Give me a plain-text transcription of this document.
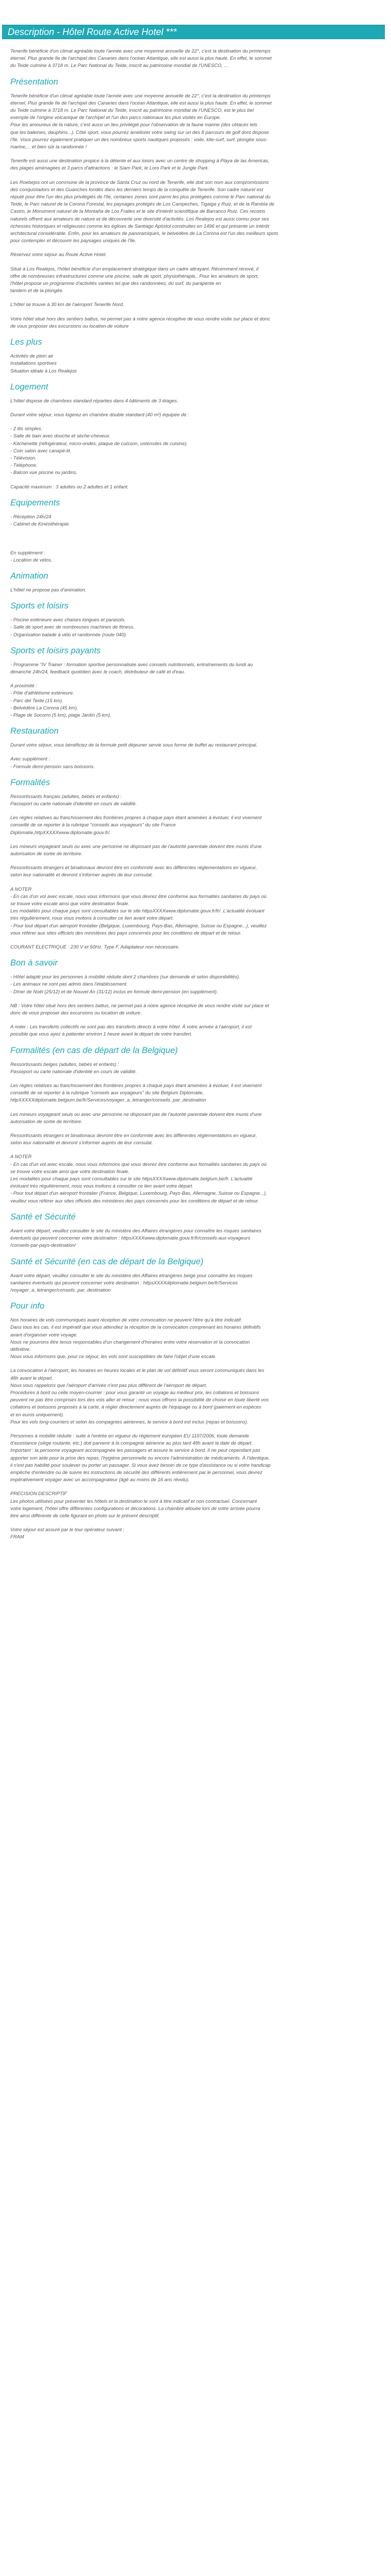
Description - Hôtel Route Active Hotel ***
Tenerife bénéficie d'un climat agréable toute l'année avec une moyenne annuelle de 22°, c'est la destination du printemps
éternel. Plus grande île de l'archipel des Canaries dans l'océan Atlantique, elle est aussi la plus haute. En effet, le sommet
du Teide culmine à 3718 m. Le Parc National du Teide, inscrit au patrimoine mondial de l'UNESCO, ...
Présentation
Tenerife bénéficie d'un climat agréable toute l'année avec une moyenne annuelle de 22°, c'est la destination du printemps
éternel. Plus grande île de l'archipel des Canaries dans l'océan Atlantique, elle est aussi la plus haute. En effet, le sommet
du Teide culmine à 3718 m. Le Parc National du Teide, inscrit au patrimoine mondial de l'UNESCO, est le plus bel
exemple de l'origine volcanique de l'archipel et l'un des parcs nationaux les plus visités en Europe.
Pour les amoureux de la nature, c'est aussi un lieu privilégié pour l'observation de la faune marine (des cétacés tels
que les baleines, dauphins...). Côté sport, vous pourrez améliorer votre swing sur un des 8 parcours de golf dont dispose
l'île. Vous pourrez également pratiquer un des nombreux sports nautiques proposés : voile, kite-surf, surf, plongée sous-
marine,... et bien sûr la randonnée !
Tenerife est aussi une destination propice à la détente et aux loisirs avec un centre de shopping à Playa de las Americas,
des plages aménagées et 3 parcs d'attractions : le Siam Park, le Loro Park et le Jungle Park.
Les Roebejos ont un commune de la province de Santa Cruz ou nord de Tenerife, elle doit son nom aux compromissions
des conquistadors et des Guanches fondés dans les derniers temps de la conquête de Tenerife. Son cadre naturel est
réputé pour être l'un des plus privilégiés de l'île, certaines zones sont parmi les plus protégées comme le Parc national du
Teide, le Parc naturel de la Corona Forestal, les paysages protégés de Los Campeches, Tigaiga y Ruiz, et de la Rambla de
Castro, le Monument naturel de la Montaña de Los Frailes et le site d'intérêt scientifique de Barranco Ruiz. Ces recoins
naturels offrent aux amateurs de nature et de découverte une diversité d'activités. Los Realejos est aussi connu pour ses
richesses historiques et religieuses comme les églises de Santiago Apóstol construites en 1496 et qui présente un intérêt
architectural considérable. Enfin, pour les amateurs de panoramiques, le belvédère de La Corona est l'un des meilleurs spots
pour contempler et découvrir les paysages uniques de l'île.
Réservez votre séjour au Route Active Hotel.
Situé à Los Realejos, l'hôtel bénéficie d'un emplacement stratégique dans un cadre attrayant. Récemment rénové, il
offre de nombreuses infrastructures comme une piscine, salle de sport, physiothérapie,. Pour les amateurs de sport,
l'hôtel propose un programme d'activités variées tel que des randonnées, du surf, du parapente en
tandem et de la plongée.
L'hôtel se trouve à 30 km de l'aéroport Tenerife Nord.
Votre hôtel situé hors des sentiers battus, ne permet pas à notre agence réceptive de vous rendre visite sur place et donc
de vous proposer des excursions ou location de voiture
Les plus
Activités de plein air
Installations sportives
Situation idéale à Los Realejos
Logement
L'hôtel dispose de chambres standard réparties dans 4 bâtiments de 3 étages.
Durant votre séjour, vous logerez en chambre double standard (40 m²) équipée de :
- 2 lits simples.
- Salle de bain avec douche et sèche-cheveux.
- Kitchenette (réfrigérateur, micro-ondes, plaque de cuisson, ustensiles de cuisine).
- Coin salon avec canapé-lit.
- Télévision.
- Téléphone.
- Balcon vue piscine ou jardins.
Capacité maximum : 3 adultes ou 2 adultes et 1 enfant.
Equipements
- Réception 24h/24
- Cabinet de Kinésithérapie.
En supplément :
- Location de vélos.
Animation
L'hôtel ne propose pas d'animation.
Sports et loisirs
- Piscine extérieure avec chaises longues et parasols.
- Salle de sport avec de nombreuses machines de fitness.
- Organisation balade à vélo et randonnée (route 040).
Sports et loisirs payants
- Programme "IV Trainer : formation sportive personnalisée avec conseils nutritionnels, entraînements du lundi au
dimanche 24h/24, feedback quotidien avec le coach, distributeur de café et d'eau.
A proximité :
- Pôle d'athlétisme extérieure.
- Parc del Teide (15 km).
- Belvédère La Corona (45 km).
- Plage de Socorro (5 km), plage Jardín (5 km).
Restauration
Durant votre séjour, vous bénéficiez de la formule petit déjeuner servie sous forme de buffet au restaurant principal.
Avec supplément :
- Formule demi-pension sans boissons.
Formalités
Ressortissants français (adultes, bébés et enfants) :
Passeport ou carte nationale d'identité en cours de validité.
Les règles relatives au franchissement des frontières propres à chaque pays étant amenées à évoluer, il est vivement
conseillé de se reporter à la rubrique "conseils aux voyageurs" du site France
Diplomatie,httpXXXXXwww.diplomatie.gouv.fr/.
Les mineurs voyageant seuls ou avec une personne ne disposant pas de l'autorité parentale doivent être munis d'une
autorisation de sortie de territoire.
Ressortissants étrangers et binationaux devront être en conformité avec les différentes réglementations en vigueur,
selon leur nationalité et devront s'informer auprès de leur consulat.
A NOTER
- En cas d'un vol avec escale, nous vous informons que vous devrez être conforme aux formalités sanitaires du pays où
se trouve votre escale ainsi que votre destination finale.
Les modalités pour chaque pays sont consultables sur le site httpsXXXXwww.diplomatie.gouv.fr/fr/. L'actualité évoluant
très régulièrement, nous vous invitons à consulter ce lien avant votre départ.
- Pour tout départ d'un aéroport frontalier (Belgique, Luxembourg, Pays-Bas, Allemagne, Suisse ou Espagne...), veuillez
vous référer aux sites officiels des ministères des pays concernés pour les conditions de départ et de retour.
COURANT ELECTRIQUE : 230 V et 50Hz. Type F. Adaptateur non nécessaire.
Bon à savoir
- Hôtel adapté pour les personnes à mobilité réduite dont 2 chambres (sur demande et selon disponibilités).
- Les animaux ne sont pas admis dans l'établissement.
- Dîner de Noël (25/12) et de Nouvel An (31/12) inclus en formule demi-pension (en supplément).
NB : Votre hôtel situé hors des sentiers battus, ne permet pas à notre agence réceptive de vous rendre visite sur place et
donc de vous proposer des excursions ou location de voiture.
A noter : Les transferts collectifs ne sont pas des transferts directs à votre hôtel. À votre arrivée à l'aéroport, il est
possible que vous ayez à patienter environ 1 heure avant le départ de votre transfert.
Formalités (en cas de départ de la Belgique)
Ressortissants belges (adultes, bébés et enfants) :
Passeport ou carte nationale d'identité en cours de validité.
Les règles relatives au franchissement des frontières propres à chaque pays étant amenées à évoluer, il est vivement
conseillé de se reporter à la rubrique "conseils aux voyageurs" du site Belgium Diplomatie,
httpXXXXXdiplomatie.belgium.be/fr/Services/voyager_a_letranger/conseils_par_destination
Les mineurs voyageant seuls ou avec une personne ne disposant pas de l'autorité parentale doivent être munis d'une
autorisation de sortie de territoire.
Ressortissants étrangers et binationaux devront être en conformité avec les différentes réglementations en vigueur,
selon leur nationalité et devront s'informer auprès de leur consulat.
A NOTER
- En cas d'un vol avec escale, nous vous informons que vous devrez être conforme aux formalités sanitaires du pays où
se trouve votre escale ainsi que votre destination finale.
Les modalités pour chaque pays sont consultables sur le site httpsXXXXwww.diplomatie.belgium.be/fr. L'actualité
évoluant très régulièrement, nous vous invitons à consulter ce lien avant votre départ.
- Pour tout départ d'un aéroport frontalier (France, Belgique, Luxembourg, Pays-Bas, Allemagne, Suisse ou Espagne...),
veuillez vous référer aux sites officiels des ministères des pays concernés pour les conditions de départ et de retour.
Santé et Sécurité
Avant votre départ, veuillez consulter le site du ministère des Affaires étrangères pour connaître les risques sanitaires
éventuels qui peuvent concerner votre destination : httpsXXXXwww.diplomatie.gouv.fr/fr/conseils-aux-voyageurs
/conseils-par-pays-destination/
Santé et Sécurité (en cas de départ de la Belgique)
Avant votre départ, veuillez consulter le site du ministère des Affaires étrangères belge pour connaître les risques
sanitaires éventuels qui peuvent concerner votre destination : httpsXXXXdiplomatie.belgium.be/fr/Services
/voyager_a_letranger/conseils_par_destination
Pour info
Nos horaires de vols communiqués avant réception de votre convocation ne peuvent l'être qu'à titre indicatif.
Dans tous les cas, il est impératif que vous attendiez la réception de la convocation comprenant les horaires définitifs
avant d'organiser votre voyage.
Nous ne pourrons être tenus responsables d'un changement d'horaires entre votre réservation et la convocation
définitive.
Nous vous informons que, pour ce séjour, les vols sont susceptibles de faire l'objet d'une escale.
La convocation à l'aéroport, les horaires en heures locales et le plan de vol définitif vous seront communiqués dans les
48h avant le départ.
Nous vous rappelons que l'aéroport d'arrivée n'est pas plus différent de l'aéroport de départ.
Procédures à bord ou celle moyen-courrier : pour vous garantir un voyage au meilleur prix, les collations et boissons
peuvent ne pas être comprises lors des vols aller et retour ; nous vous offrons la possibilité de choisir en toute liberté vos
collations et boissons proposés à la carte, à régler directement auprès de l'équipage ou à bord (paiement en espèces
et en euros uniquement).
Pour les vols long-courriers et selon les compagnies aériennes, le service à bord est inclus (repas et boissons).
Personnes à mobilité réduite : suite à l'entrée en vigueur du règlement européen EU 1107/2006, toute demande
d'assistance (siège roulante, etc.) doit parvenir à la compagnie aérienne au plus tard 48h avant la date de départ.
Important : la personne voyageant accompagnée les passagers et assure le service à bord. Il ne peut cependant pas
apporter son aide pour la prise des repas, l'hygiène personnelle ou encore l'administration de médicaments. À l'identique,
il n'est pas habilité pour soulever ou porter un passager. Si vous avez besoin de ce type d'assistance ou si votre handicap
empêche d'entendre ou de suivre les instructions de sécurité des différents entièrement par le personnel, vous devrez
impérativement voyager avec un accompagnateur (âgé au moins de 16 ans révolu).
PRECISION DESCRIPTIF
Les photos utilisées pour présenter les hôtels et la destination le sont à titre indicatif et non contractuel. Concernant
votre logement, l'hôtel offre différentes configurations et décorations. La chambre allouée lors de votre arrivée pourra
être ainsi différente de celle figurant en photo sur le présent descriptif.
Votre séjour est assuré par le tour opérateur suivant :
FRAM
